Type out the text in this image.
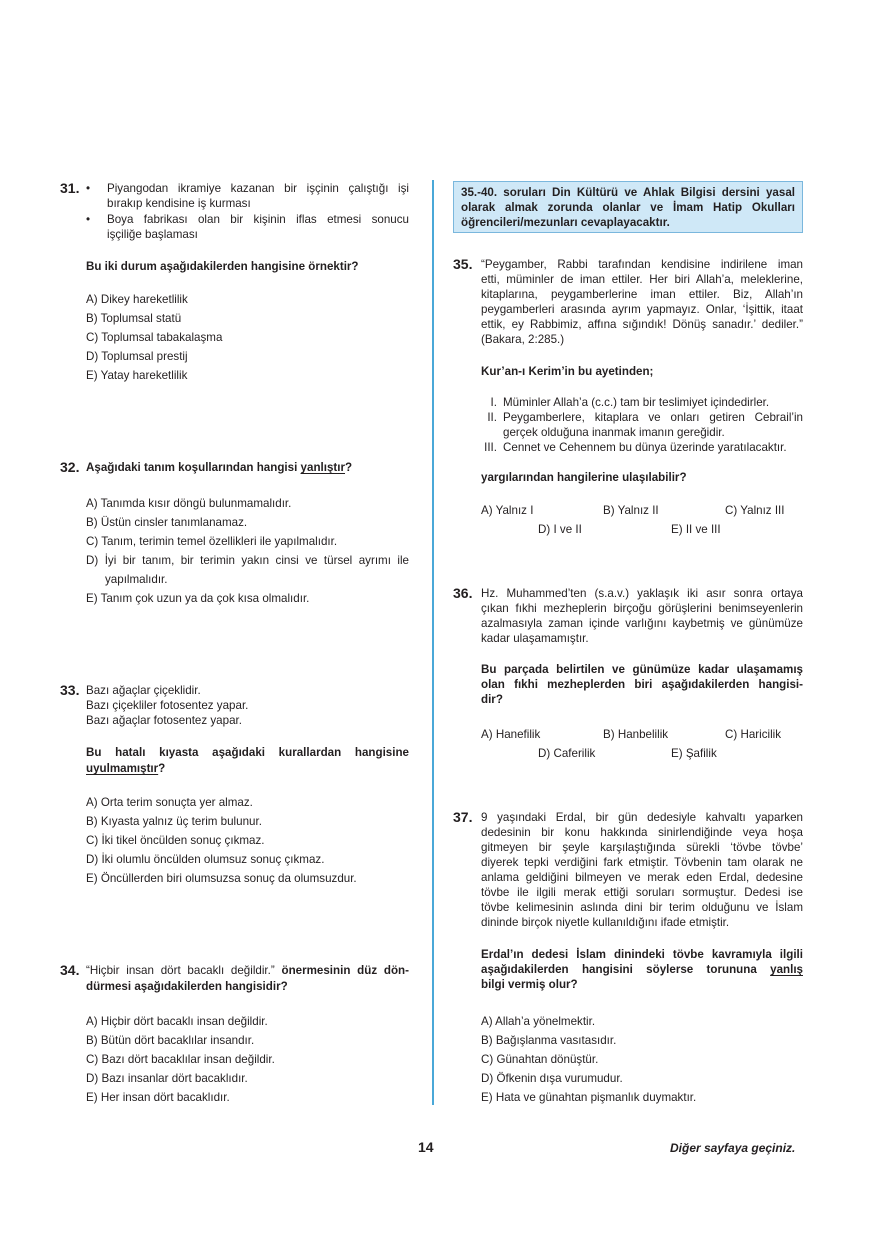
31. • Piyangodan ikramiye kazanan bir işçinin çalıştığı işi
bırakıp kendisine iş kurması
• Boya fabrikası olan bir kişinin iflas etmesi sonucu
işçiliğe başlaması
Bu iki durum aşağıdakilerden hangisine örnektir?
A) Dikey hareketlilik
B) Toplumsal statü
C) Toplumsal tabakalaşma
D) Toplumsal prestij
E) Yatay hareketlilik
32. Aşağıdaki tanım koşullarından hangisi yanlıştır?
A) Tanımda kısır döngü bulunmamalıdır.
B) Üstün cinsler tanımlanamaz.
C) Tanım, terimin temel özellikleri ile yapılmalıdır.
D) İyi bir tanım, bir terimin yakın cinsi ve türsel ayrımı ile
yapılmalıdır.
E) Tanım çok uzun ya da çok kısa olmalıdır.
33. Bazı ağaçlar çiçeklidir.
Bazı çiçekliler fotosentez yapar.
Bazı ağaçlar fotosentez yapar.
Bu hatalı kıyasta aşağıdaki kurallardan hangisine
uyulmamıştır?
A) Orta terim sonuçta yer almaz.
B) Kıyasta yalnız üç terim bulunur.
C) İki tikel öncülden sonuç çıkmaz.
D) İki olumlu öncülden olumsuz sonuç çıkmaz.
E) Öncüllerden biri olumsuzsa sonuç da olumsuzdur.
34. “Hiçbir insan dört bacaklı değildir.” önermesinin düz dön-
dürmesi aşağıdakilerden hangisidir?
A) Hiçbir dört bacaklı insan değildir.
B) Bütün dört bacaklılar insandır.
C) Bazı dört bacaklılar insan değildir.
D) Bazı insanlar dört bacaklıdır.
E) Her insan dört bacaklıdır.
35.-40. soruları Din Kültürü ve Ahlak Bilgisi dersini yasal
olarak almak zorunda olanlar ve İmam Hatip Okulları
öğrencileri/mezunları cevaplayacaktır.
35. “Peygamber, Rabbi tarafından kendisine indirilene iman
etti, müminler de iman ettiler. Her biri Allah’a, meleklerine,
kitaplarına, peygamberlerine iman ettiler. Biz, Allah’ın
peygamberleri arasında ayrım yapmayız. Onlar, ‘İşittik, itaat
ettik, ey Rabbimiz, affına sığındık! Dönüş sanadır.’ dediler.”
(Bakara, 2:285.)
Kur’an-ı Kerim’in bu ayetinden;
I. Müminler Allah’a (c.c.) tam bir teslimiyet içindedirler.
II. Peygamberlere, kitaplara ve onları getiren Cebrail’in
gerçek olduğuna inanmak imanın gereğidir.
III. Cennet ve Cehennem bu dünya üzerinde yaratılacaktır.
yargılarından hangilerine ulaşılabilir?
A) Yalnız I	B) Yalnız II	C) Yalnız III
D) I ve II	E) II ve III
36. Hz. Muhammed’ten (s.a.v.) yaklaşık iki asır sonra ortaya
çıkan fıkhi mezheplerin birçoğu görüşlerini benimseyenlerin
azalmasıyla zaman içinde varlığını kaybetmiş ve günümüze
kadar ulaşamamıştır.
Bu parçada belirtilen ve günümüze kadar ulaşamamış
olan fıkhi mezheplerden biri aşağıdakilerden hangisi-
dir?
A) Hanefilik	B) Hanbelilik	C) Haricilik
D) Caferilik	E) Şafilik
37. 9 yaşındaki Erdal, bir gün dedesiyle kahvaltı yaparken
dedesinin bir konu hakkında sinirlendiğinde veya hoşa
gitmeyen bir şeyle karşılaştığında sürekli ‘tövbe tövbe’
diyerek tepki verdiğini fark etmiştir. Tövbenin tam olarak ne
anlama geldiğini bilmeyen ve merak eden Erdal, dedesine
tövbe ile ilgili merak ettiği soruları sormuştur. Dedesi ise
tövbe kelimesinin aslında dini bir terim olduğunu ve İslam
dininde birçok niyetle kullanıldığını ifade etmiştir.
Erdal’ın dedesi İslam dinindeki tövbe kavramıyla ilgili
aşağıdakilerden hangisini söylerse torununa yanlış
bilgi vermiş olur?
A) Allah’a yönelmektir.
B) Bağışlanma vasıtasıdır.
C) Günahtan dönüştür.
D) Öfkenin dışa vurumudur.
E) Hata ve günahtan pişmanlık duymaktır.
14	Diğer sayfaya geçiniz.
